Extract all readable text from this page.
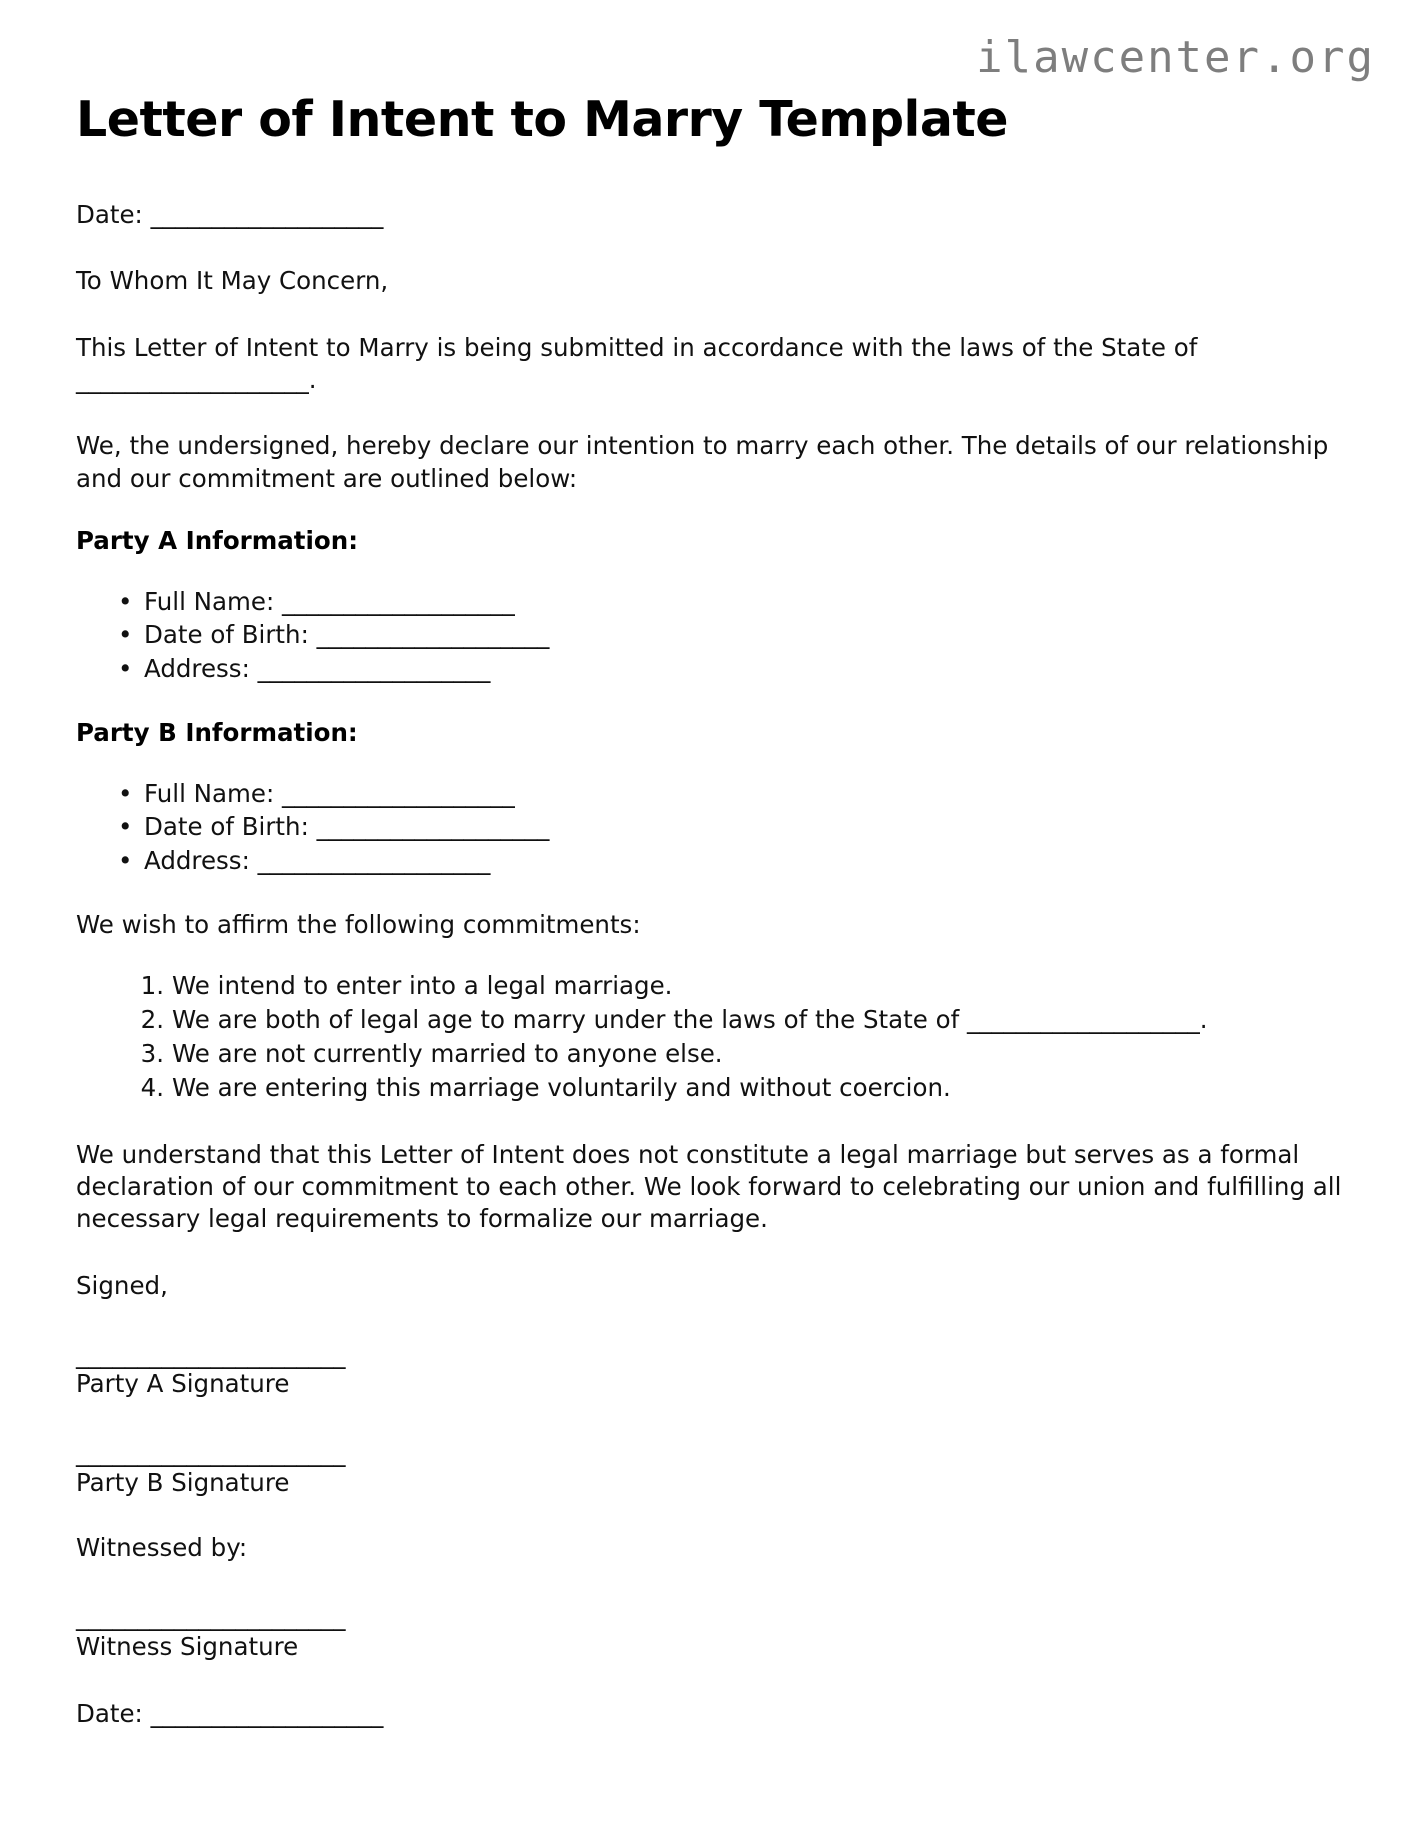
ilawcenter.org
Letter of Intent to Marry Template

Date: ___________________

To Whom It May Concern,

This Letter of Intent to Marry is being submitted in accordance with the laws of the State of ___________________.

We, the undersigned, hereby declare our intention to marry each other. The details of our relationship and our commitment are outlined below:

Party A Information:
• Full Name: ___________________
• Date of Birth: ___________________
• Address: ___________________
Party B Information:
• Full Name: ___________________
• Date of Birth: ___________________
• Address: ___________________

We wish to affirm the following commitments:

We intend to enter into a legal marriage.
We are both of legal age to marry under the laws of the State of ___________________.
We are not currently married to anyone else.
We are entering this marriage voluntarily and without coercion.

We understand that this Letter of Intent does not constitute a legal marriage but serves as a formal declaration of our commitment to each other. We look forward to celebrating our union and fulfilling all necessary legal requirements to formalize our marriage.

Signed,

______________________
Party A Signature
______________________
Party B Signature

Witnessed by:

______________________
Witness Signature

Date: ___________________
